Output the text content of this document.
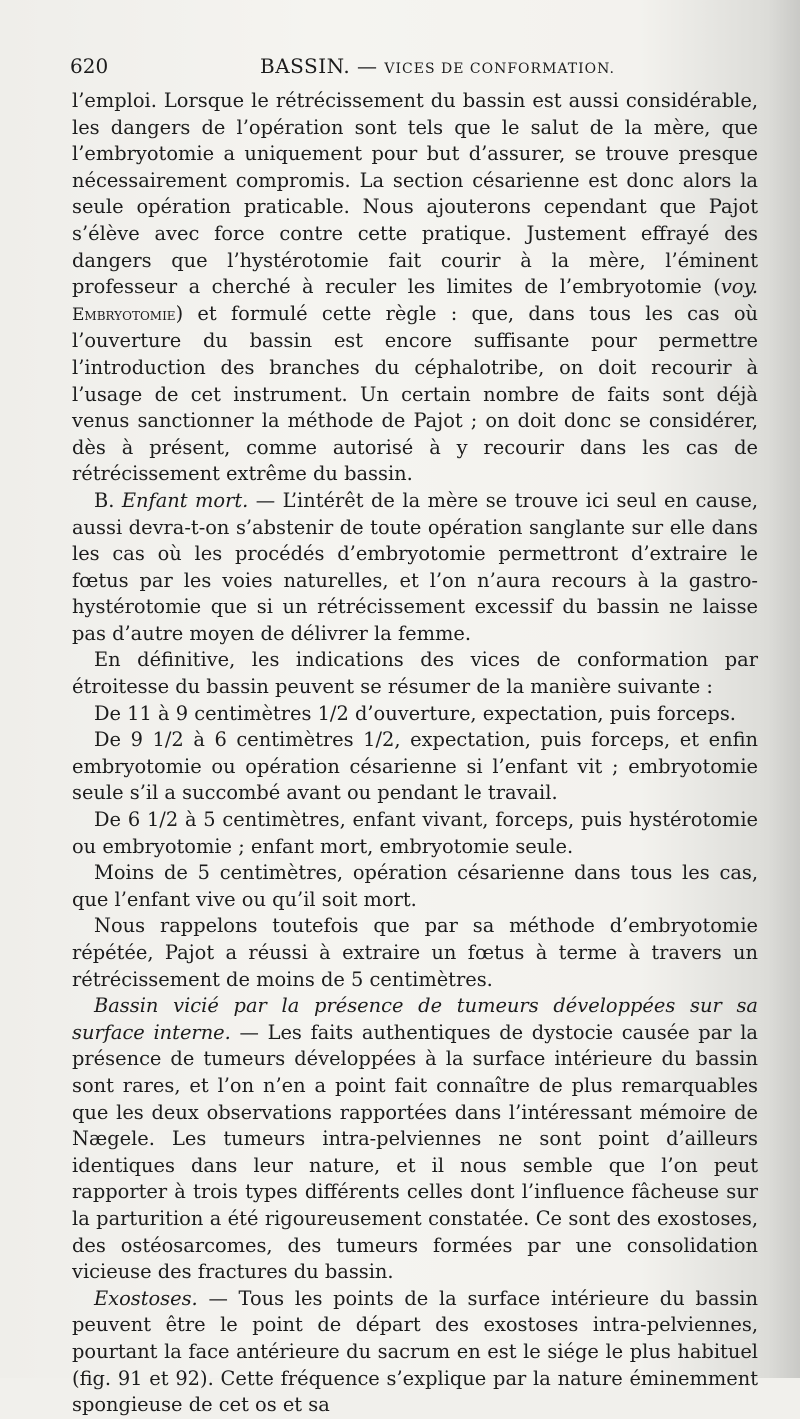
620	BASSIN. — VICES DE CONFORMATION.

l’emploi. Lorsque le rétrécissement du bassin est aussi considérable, les dangers de l’opération sont tels que le salut de la mère, que l’embryotomie a uniquement pour but d’assurer, se trouve presque nécessairement compromis. La section césarienne est donc alors la seule opération praticable. Nous ajouterons cependant que Pajot s’élève avec force contre cette pratique. Justement effrayé des dangers que l’hystérotomie fait courir à la mère, l’éminent professeur a cherché à reculer les limites de l’embryotomie (voy. Embryotomie) et formulé cette règle : que, dans tous les cas où l’ouverture du bassin est encore suffisante pour permettre l’introduction des branches du céphalotribe, on doit recourir à l’usage de cet instrument. Un certain nombre de faits sont déjà venus sanctionner la méthode de Pajot ; on doit donc se considérer, dès à présent, comme autorisé à y recourir dans les cas de rétrécissement extrême du bassin.

B. Enfant mort. — L’intérêt de la mère se trouve ici seul en cause, aussi devra-t-on s’abstenir de toute opération sanglante sur elle dans les cas où les procédés d’embryotomie permettront d’extraire le fœtus par les voies naturelles, et l’on n’aura recours à la gastro-hystérotomie que si un rétrécissement excessif du bassin ne laisse pas d’autre moyen de délivrer la femme.

En définitive, les indications des vices de conformation par étroitesse du bassin peuvent se résumer de la manière suivante :

De 11 à 9 centimètres 1/2 d’ouverture, expectation, puis forceps.

De 9 1/2 à 6 centimètres 1/2, expectation, puis forceps, et enfin embryotomie ou opération césarienne si l’enfant vit ; embryotomie seule s’il a succombé avant ou pendant le travail.

De 6 1/2 à 5 centimètres, enfant vivant, forceps, puis hystérotomie ou embryotomie ; enfant mort, embryotomie seule.

Moins de 5 centimètres, opération césarienne dans tous les cas, que l’enfant vive ou qu’il soit mort.

Nous rappelons toutefois que par sa méthode d’embryotomie répétée, Pajot a réussi à extraire un fœtus à terme à travers un rétrécissement de moins de 5 centimètres.

Bassin vicié par la présence de tumeurs développées sur sa surface interne. — Les faits authentiques de dystocie causée par la présence de tumeurs développées à la surface intérieure du bassin sont rares, et l’on n’en a point fait connaître de plus remarquables que les deux observations rapportées dans l’intéressant mémoire de Nægele. Les tumeurs intra-pelviennes ne sont point d’ailleurs identiques dans leur nature, et il nous semble que l’on peut rapporter à trois types différents celles dont l’influence fâcheuse sur la parturition a été rigoureusement constatée. Ce sont des exostoses, des ostéosarcomes, des tumeurs formées par une consolidation vicieuse des fractures du bassin.

Exostoses. — Tous les points de la surface intérieure du bassin peuvent être le point de départ des exostoses intra-pelviennes, pourtant la face antérieure du sacrum en est le siége le plus habituel (fig. 91 et 92). Cette fréquence s’explique par la nature éminemment spongieuse de cet os et sa
